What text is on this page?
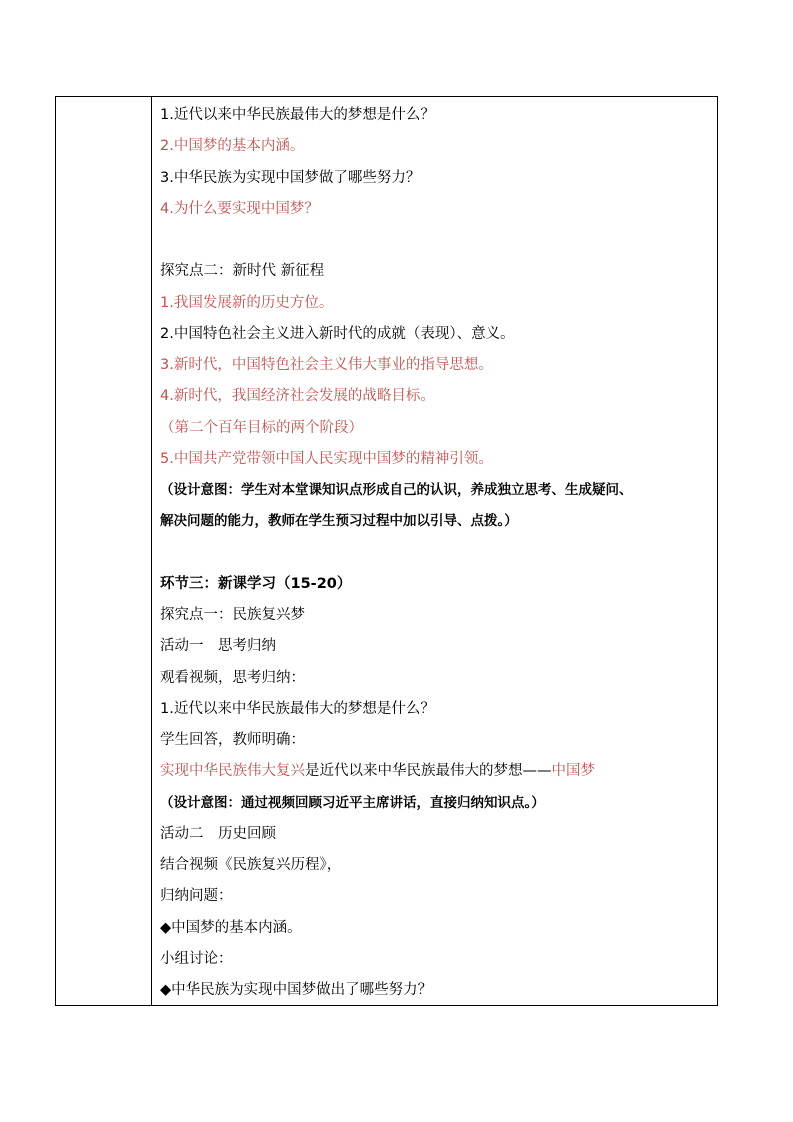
1.近代以来中华民族最伟大的梦想是什么？
2.中国梦的基本内涵。
3.中华民族为实现中国梦做了哪些努力？
4.为什么要实现中国梦？
探究点二：新时代 新征程
1.我国发展新的历史方位。
2.中国特色社会主义进入新时代的成就（表现）、意义。
3.新时代，中国特色社会主义伟大事业的指导思想。
4.新时代，我国经济社会发展的战略目标。
（第二个百年目标的两个阶段）
5.中国共产党带领中国人民实现中国梦的精神引领。
（设计意图：学生对本堂课知识点形成自己的认识，养成独立思考、生成疑问、
解决问题的能力，教师在学生预习过程中加以引导、点拨。）
环节三：新课学习（15-20）
探究点一：民族复兴梦
活动一　思考归纳
观看视频，思考归纳：
1.近代以来中华民族最伟大的梦想是什么？
学生回答，教师明确：
实现中华民族伟大复兴是近代以来中华民族最伟大的梦想——中国梦
（设计意图：通过视频回顾习近平主席讲话，直接归纳知识点。）
活动二　历史回顾
结合视频《民族复兴历程》，
归纳问题：
◆中国梦的基本内涵。
小组讨论：
◆中华民族为实现中国梦做出了哪些努力？
